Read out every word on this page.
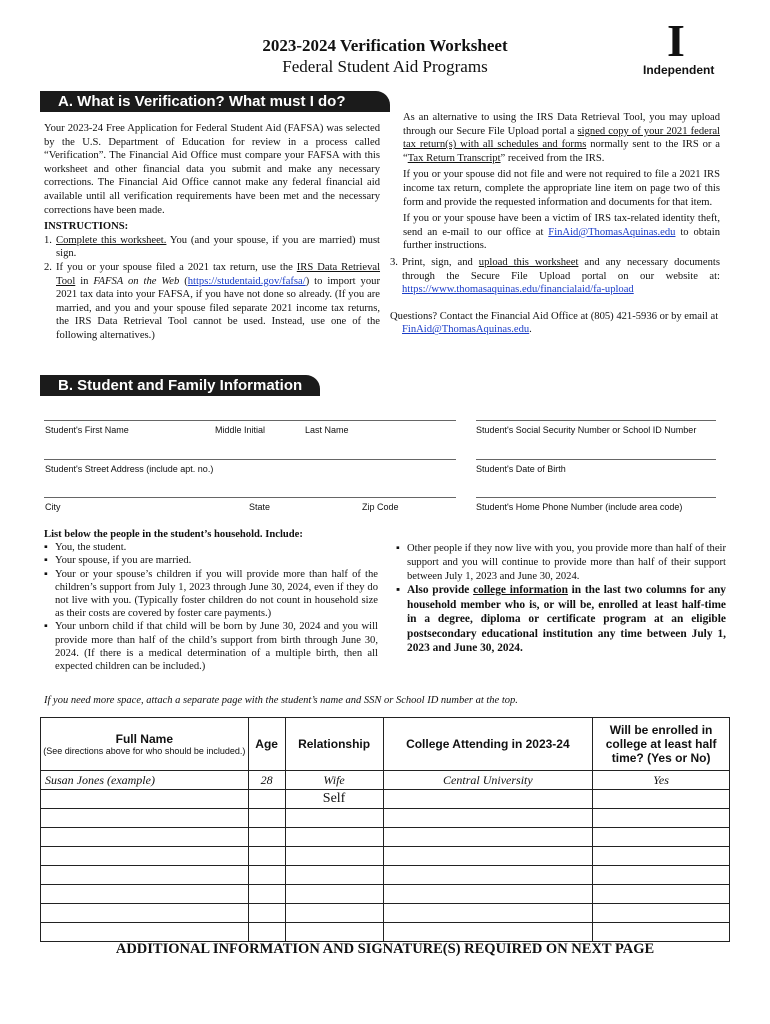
2023-2024 Verification Worksheet
Federal Student Aid Programs
I
Independent
A. What is Verification? What must I do?

Your 2023-24 Free Application for Federal Student Aid (FAFSA) was selected by the U.S. Department of Education for review in a process called “Verification”. The Financial Aid Office must compare your FAFSA with this worksheet and other financial data you submit and make any necessary corrections. The Financial Aid Office cannot make any federal financial aid available until all verification requirements have been met and the necessary corrections have been made.

INSTRUCTIONS:

1. Complete this worksheet. You (and your spouse, if you are married) must sign.
2. If you or your spouse filed a 2021 tax return, use the IRS Data Retrieval Tool in FAFSA on the Web (https://studentaid.gov/fafsa/) to import your 2021 tax data into your FAFSA, if you have not done so already. (If you are married, and you and your spouse filed separate 2021 income tax returns, the IRS Data Retrieval Tool cannot be used. Instead, use one of the following alternatives.)

As an alternative to using the IRS Data Retrieval Tool, you may upload through our Secure File Upload portal a signed copy of your 2021 federal tax return(s) with all schedules and forms normally sent to the IRS or a “Tax Return Transcript” received from the IRS.

If you or your spouse did not file and were not required to file a 2021 IRS income tax return, complete the appropriate line item on page two of this form and provide the requested information and documents for that item.

If you or your spouse have been a victim of IRS tax-related identity theft, send an e-mail to our office at FinAid@ThomasAquinas.edu to obtain further instructions.

3. Print, sign, and upload this worksheet and any necessary documents through the Secure File Upload portal on our website at: https://www.thomasaquinas.edu/financialaid/fa-upload

Questions? Contact the Financial Aid Office at (805) 421-5936 or by email at FinAid@ThomasAquinas.edu.

B. Student and Family Information
Student's First Name	Middle Initial	Last Name	Student's Social Security Number or School ID Number
Student's Street Address (include apt. no.)	Student's Date of Birth
City	State	Zip Code	Student's Home Phone Number (include area code)

List below the people in the student’s household. Include:

▪ You, the student.
▪ Your spouse, if you are married.
▪ Your or your spouse’s children if you will provide more than half of the children’s support from July 1, 2023 through June 30, 2024, even if they do not live with you. (Typically foster children do not count in household size as their costs are covered by foster care payments.)
▪ Your unborn child if that child will be born by June 30, 2024 and you will provide more than half of the child’s support from birth through June 30, 2024. (If there is a medical determination of a multiple birth, then all expected children can be included.)
▪ Other people if they now live with you, you provide more than half of their support and you will continue to provide more than half of their support between July 1, 2023 and June 30, 2024.
▪ Also provide college information in the last two columns for any household member who is, or will be, enrolled at least half-time in a degree, diploma or certificate program at an eligible postsecondary educational institution any time between July 1, 2023 and June 30, 2024.
If you need more space, attach a separate page with the student’s name and SSN or School ID number at the top.
Full Name
(See directions above for who should be included.)	Age	Relationship	College Attending in 2023-24	Will be enrolled in college at least half time? (Yes or No)
Susan Jones (example)	28	Wife	Central University	Yes
		Self		

ADDITIONAL INFORMATION AND SIGNATURE(S) REQUIRED ON NEXT PAGE
